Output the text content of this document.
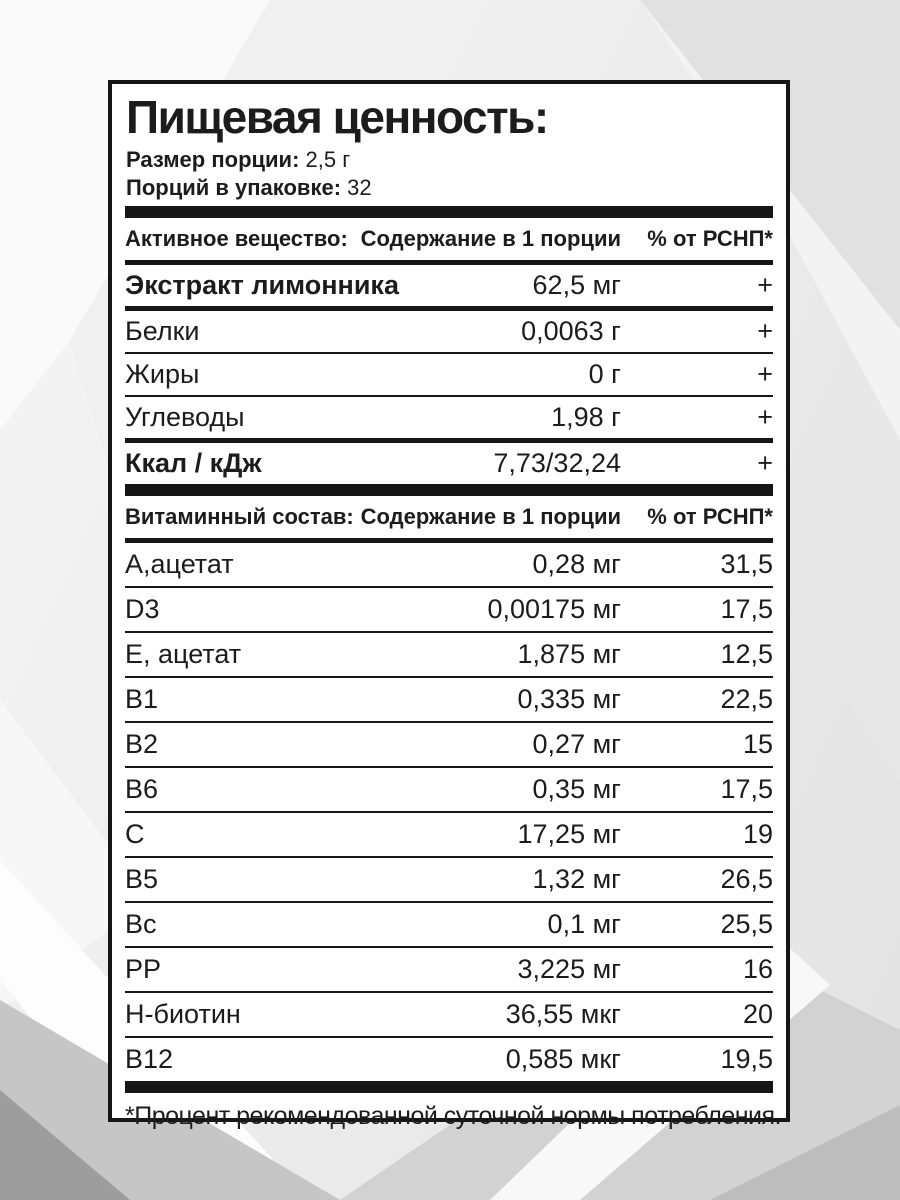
Пищевая ценность:
Размер порции: 2,5 г
Порций в упаковке: 32
Активное вещество: Содержание в 1 порции	% от РСНП*
Экстракт лимонника	62,5 мг	+
Белки	0,0063 г	+
Жиры	0 г	+
Углеводы	1,98 г	+
Ккал / кДж	7,73/32,24	+
Витаминный состав: Содержание в 1 порции	% от РСНП*
А,ацетат	0,28 мг	31,5
D3	0,00175 мг	17,5
Е, ацетат	1,875 мг	12,5
В1	0,335 мг	22,5
В2	0,27 мг	15
В6	0,35 мг	17,5
С	17,25 мг	19
В5	1,32 мг	26,5
Вс	0,1 мг	25,5
РР	3,225 мг	16
Н-биотин	36,55 мкг	20
В12	0,585 мкг	19,5
*Процент рекомендованной суточной нормы потребления.
